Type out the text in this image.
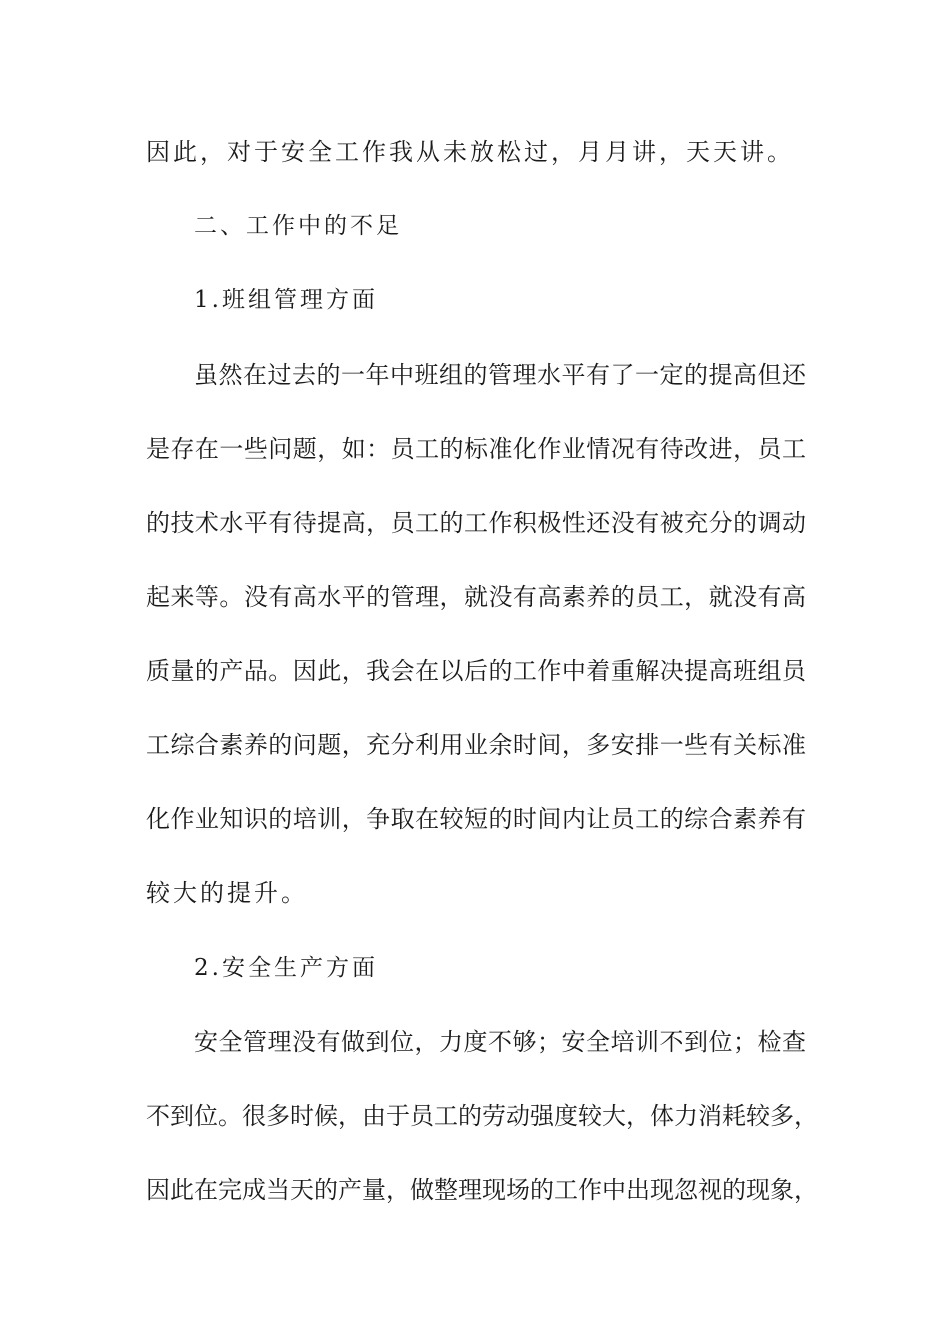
因此，对于安全工作我从未放松过，月月讲，天天讲。
二、工作中的不足
1.班组管理方面
虽然在过去的一年中班组的管理水平有了一定的提高但还
是存在一些问题，如：员工的标准化作业情况有待改进，员工
的技术水平有待提高，员工的工作积极性还没有被充分的调动
起来等。没有高水平的管理，就没有高素养的员工，就没有高
质量的产品。因此，我会在以后的工作中着重解决提高班组员
工综合素养的问题，充分利用业余时间，多安排一些有关标准
化作业知识的培训，争取在较短的时间内让员工的综合素养有
较大的提升。
2.安全生产方面
安全管理没有做到位，力度不够；安全培训不到位；检查
不到位。很多时候，由于员工的劳动强度较大，体力消耗较多，
因此在完成当天的产量，做整理现场的工作中出现忽视的现象，
